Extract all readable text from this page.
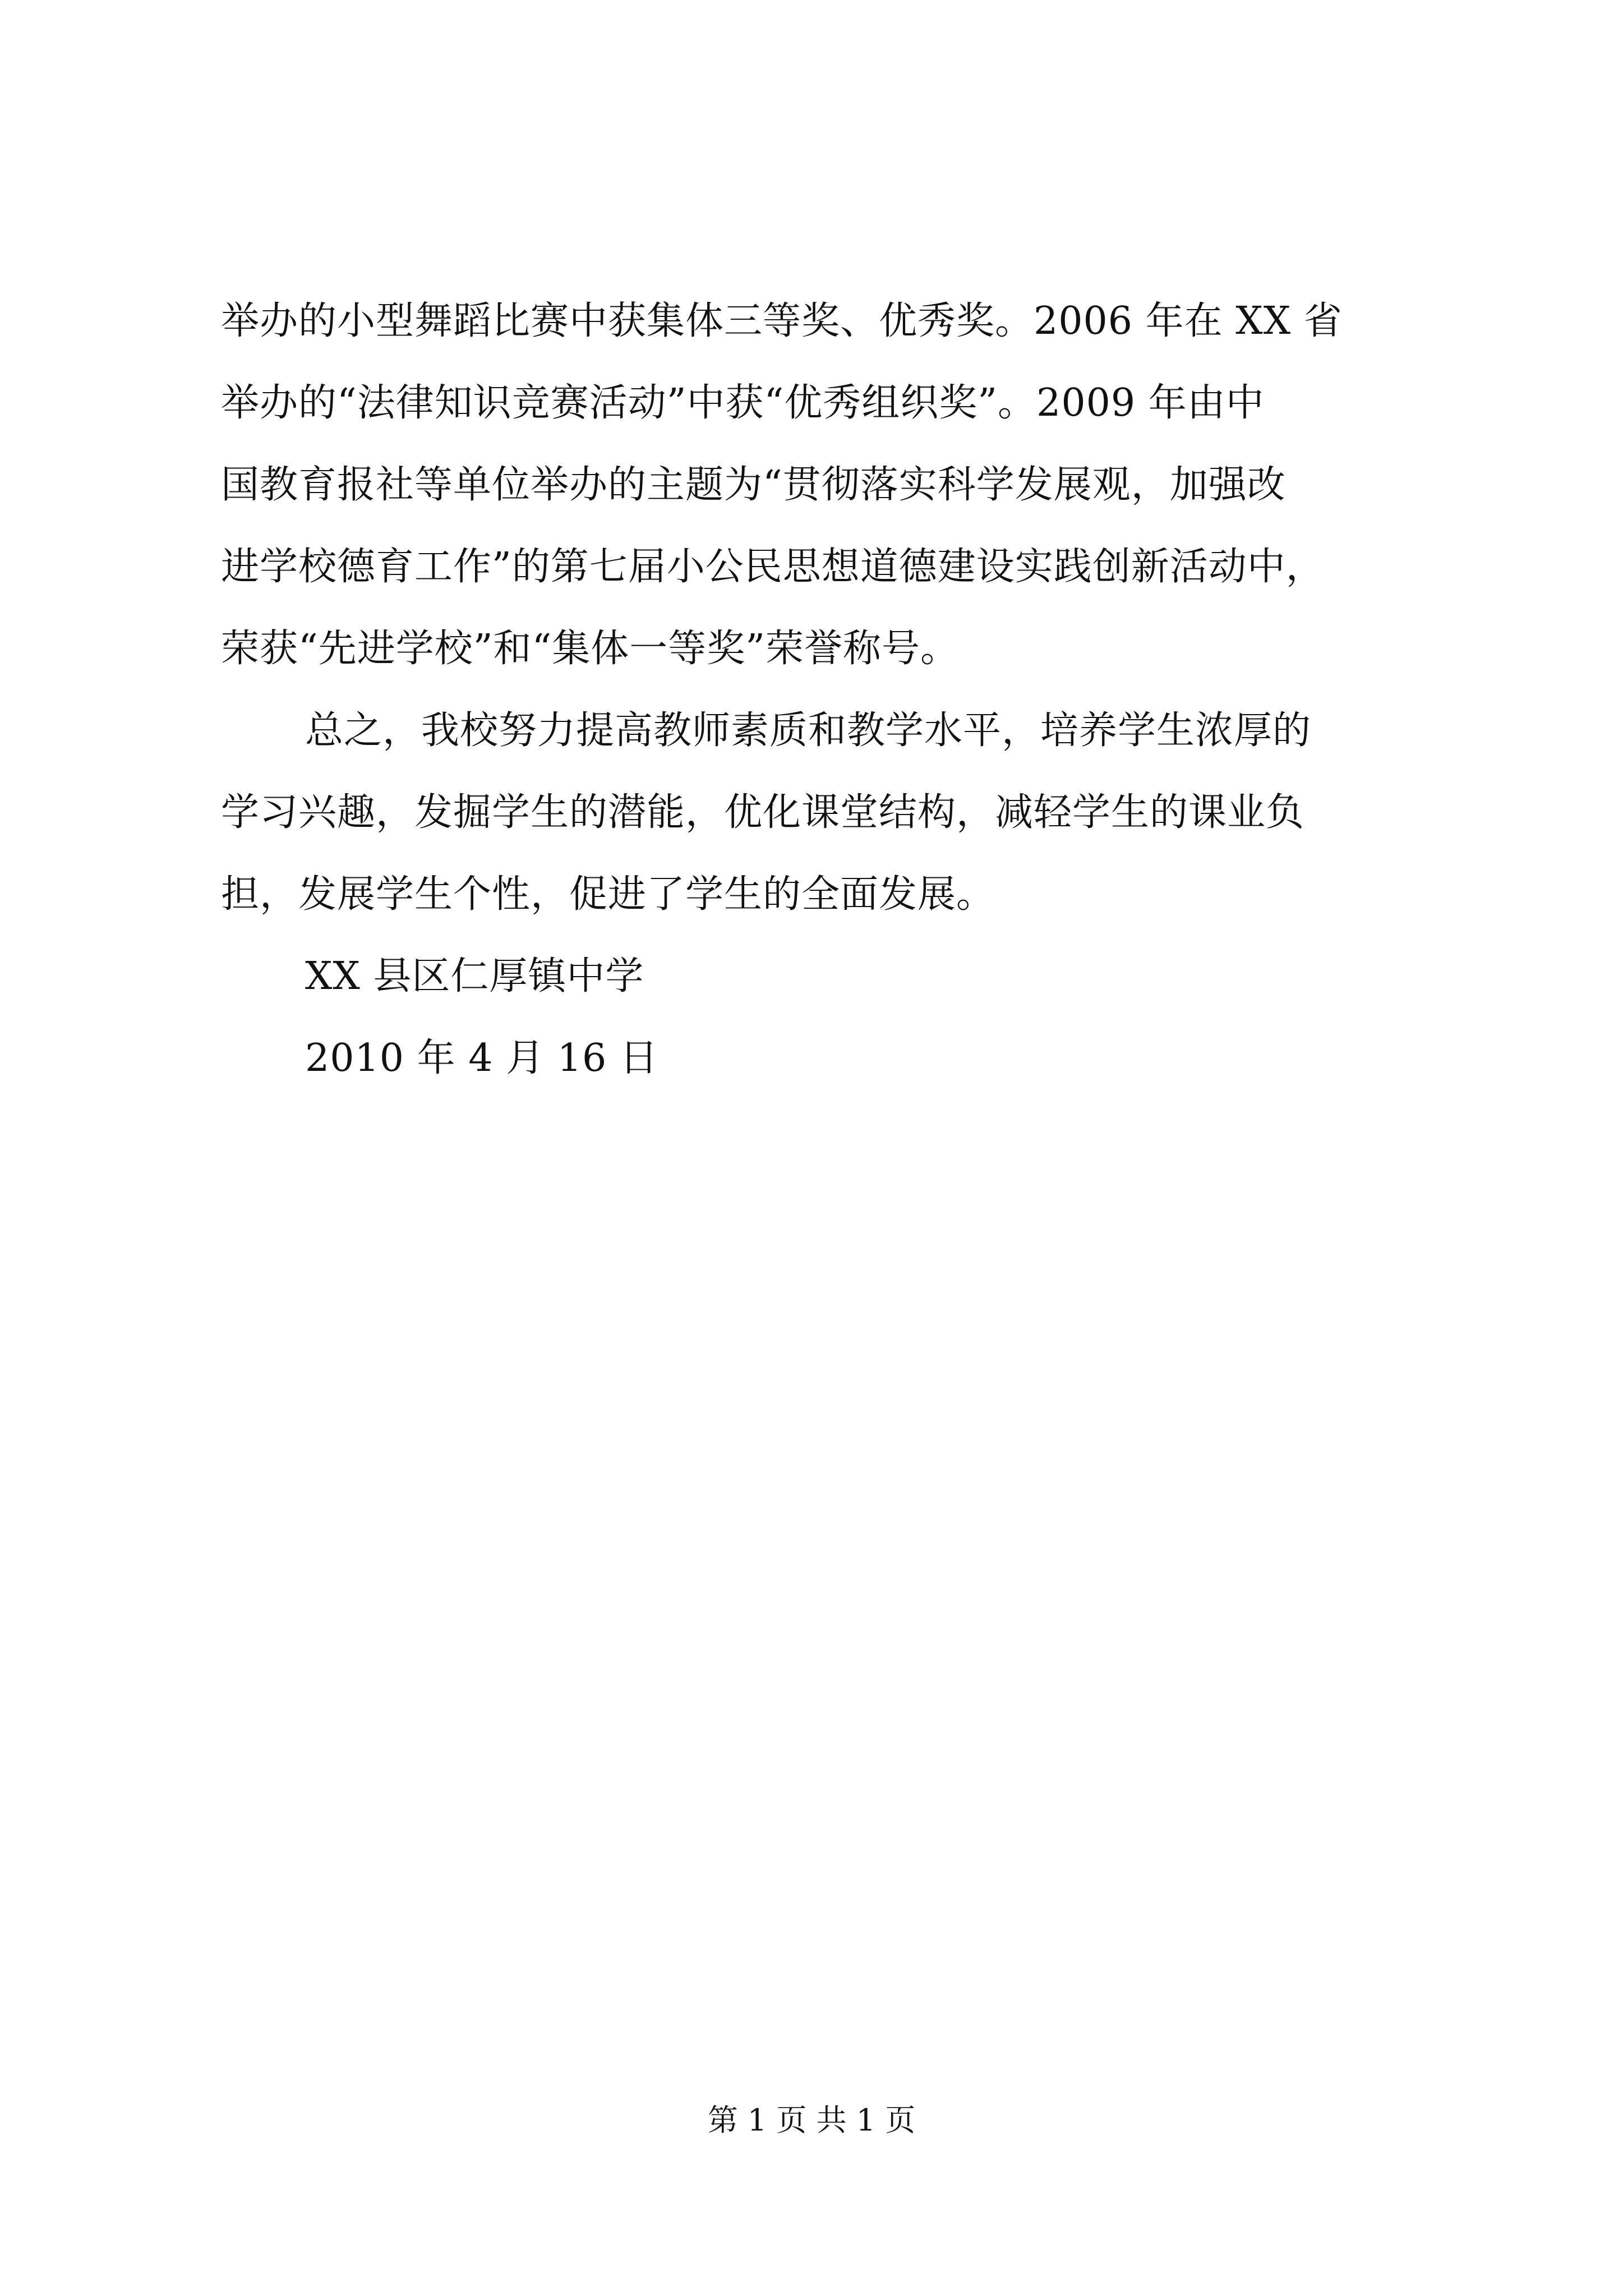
举办的小型舞蹈比赛中获集体三等奖、优秀奖。2006 年在 XX 省
举办的“法律知识竞赛活动”中获“优秀组织奖”。2009 年由中
国教育报社等单位举办的主题为“贯彻落实科学发展观，加强改
进学校德育工作”的第七届小公民思想道德建设实践创新活动中，
荣获“先进学校”和“集体一等奖”荣誉称号。
总之，我校努力提高教师素质和教学水平，培养学生浓厚的
学习兴趣，发掘学生的潜能，优化课堂结构，减轻学生的课业负
担，发展学生个性，促进了学生的全面发展。
XX 县区仁厚镇中学
2010 年 4 月 16 日
第 1 页 共 1 页
